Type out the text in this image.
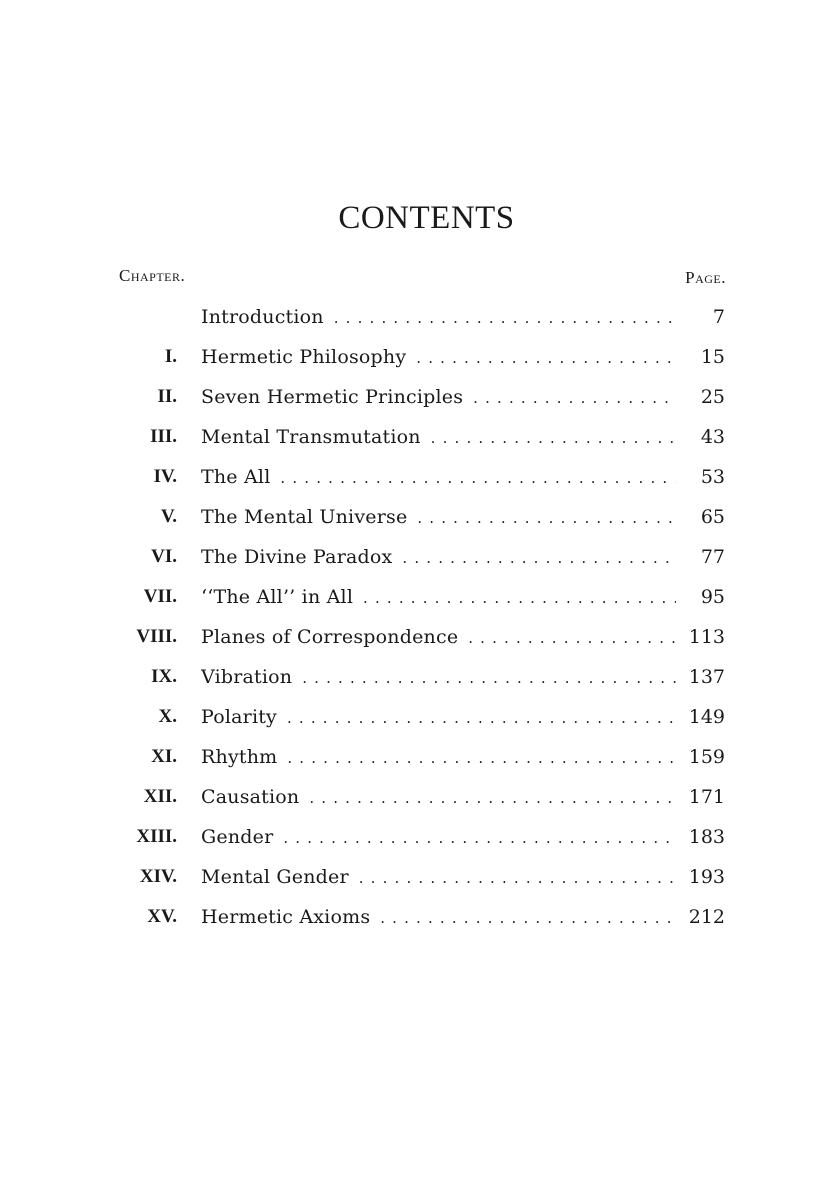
CONTENTS
Chapter.	Page.
Introduction . . .	7
I. Hermetic Philosophy . . .	15
II. Seven Hermetic Principles . . .	25
III. Mental Transmutation . . .	43
IV. The All . . .	53
V. The Mental Universe . . .	65
VI. The Divine Paradox . . .	77
VII. ‘‘The All’’ in All . . .	95
VIII. Planes of Correspondence . . .	113
IX. Vibration . . .	137
X. Polarity . . .	149
XI. Rhythm . . .	159
XII. Causation . . .	171
XIII. Gender . . .	183
XIV. Mental Gender . . .	193
XV. Hermetic Axioms . . .	212
